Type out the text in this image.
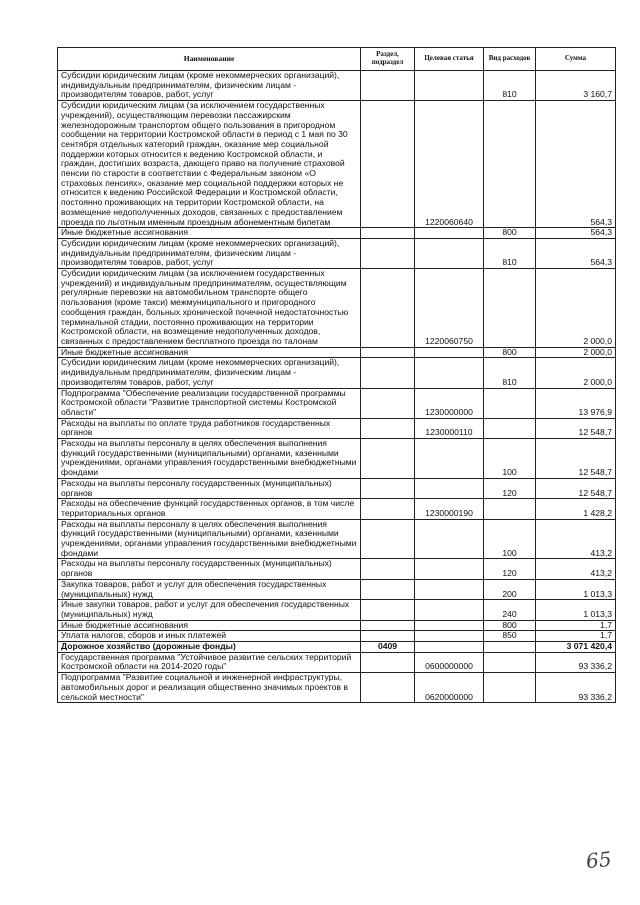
Наименование	Раздел, подраздел	Целевая статья	Вид расходов	Сумма
Субсидии юридическим лицам (кроме некоммерческих организаций), индивидуальным предпринимателям, физическим лицам - производителям товаров, работ, услуг			810	3 160,7
Субсидии юридическим лицам (за исключением государственных учреждений), осуществляющим перевозки пассажирским железнодорожным транспортом общего пользования в пригородном сообщении на территории Костромской области в период с 1 мая по 30 сентября отдельных категорий граждан, оказание мер социальной поддержки которых относится к ведению Костромской области, и граждан, достигших возраста, дающего право на получение страховой пенсии по старости в соответствии с Федеральным законом «О страховых пенсиях», оказание мер социальной поддержки которых не относится к ведению Российской Федерации и Костромской области, постоянно проживающих на территории Костромской области, на возмещение недополученных доходов, связанных с предоставлением проезда по льготным именным проездным абонементным билетам		1220060640		564,3
Иные бюджетные ассигнования			800	564,3
Субсидии юридическим лицам (кроме некоммерческих организаций), индивидуальным предпринимателям, физическим лицам - производителям товаров, работ, услуг			810	564,3
Субсидии юридическим лицам (за исключением государственных учреждений) и индивидуальным предпринимателям, осуществляющим регулярные перевозки на автомобильном транспорте общего пользования (кроме такси) межмуниципального и пригородного сообщения граждан, больных хронической почечной недостаточностью терминальной стадии, постоянно проживающих на территории Костромской области, на возмещение недополученных доходов, связанных с предоставлением бесплатного проезда по талонам		1220060750		2 000,0
Иные бюджетные ассигнования			800	2 000,0
Субсидии юридическим лицам (кроме некоммерческих организаций), индивидуальным предпринимателям, физическим лицам - производителям товаров, работ, услуг			810	2 000,0
Подпрограмма "Обеспечение реализации государственной программы Костромской области "Развитие транспортной системы Костромской области"		1230000000		13 976,9
Расходы на выплаты по оплате труда работников государственных органов		1230000110		12 548,7
Расходы на выплаты персоналу в целях обеспечения выполнения функций государственными (муниципальными) органами, казенными учреждениями, органами управления государственными внебюджетными фондами			100	12 548,7
Расходы на выплаты персоналу государственных (муниципальных) органов			120	12 548,7
Расходы на обеспечение функций государственных органов, в том числе территориальных органов		1230000190		1 428,2
Расходы на выплаты персоналу в целях обеспечения выполнения функций государственными (муниципальными) органами, казенными учреждениями, органами управления государственными внебюджетными фондами			100	413,2
Расходы на выплаты персоналу государственных (муниципальных) органов			120	413,2
Закупка товаров, работ и услуг для обеспечения государственных (муниципальных) нужд			200	1 013,3
Иные закупки товаров, работ и услуг для обеспечения государственных (муниципальных) нужд			240	1 013,3
Иные бюджетные ассигнования			800	1,7
Уплата налогов, сборов и иных платежей			850	1,7
Дорожное хозяйство (дорожные фонды)	0409			3 071 420,4
Государственная программа "Устойчивое развитие сельских территорий Костромской области на 2014-2020 годы"		0600000000		93 336,2
Подпрограмма "Развитие социальной и инженерной инфраструктуры, автомобильных дорог и реализация общественно значимых проектов в сельской местности"		0620000000		93 336,2
65
